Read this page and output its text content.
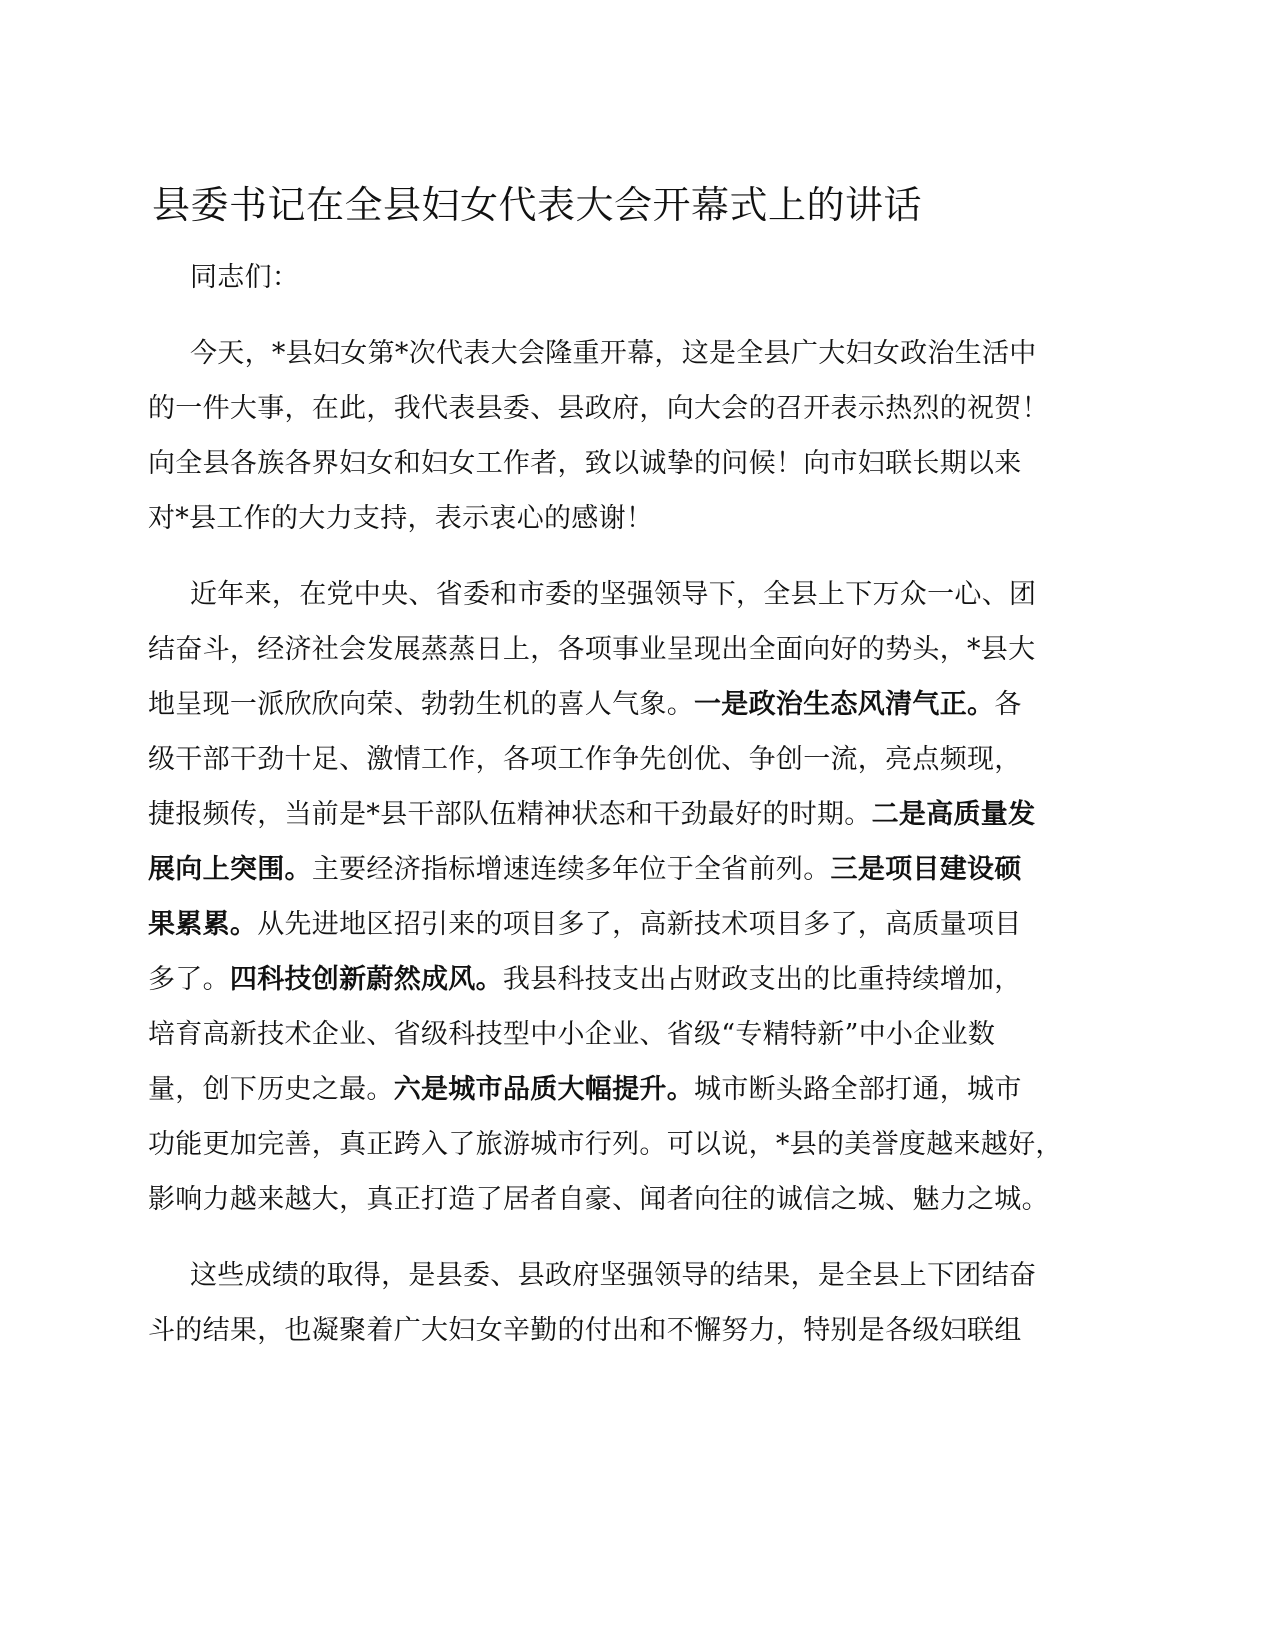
县委书记在全县妇女代表大会开幕式上的讲话
同志们：
今天，*县妇女第*次代表大会隆重开幕，这是全县广大妇女政治生活中
的一件大事，在此，我代表县委、县政府，向大会的召开表示热烈的祝贺！
向全县各族各界妇女和妇女工作者，致以诚挚的问候！向市妇联长期以来
对*县工作的大力支持，表示衷心的感谢！
近年来，在党中央、省委和市委的坚强领导下，全县上下万众一心、团
结奋斗，经济社会发展蒸蒸日上，各项事业呈现出全面向好的势头，*县大
地呈现一派欣欣向荣、勃勃生机的喜人气象。一是政治生态风清气正。各
级干部干劲十足、激情工作，各项工作争先创优、争创一流，亮点频现，
捷报频传，当前是*县干部队伍精神状态和干劲最好的时期。二是高质量发
展向上突围。主要经济指标增速连续多年位于全省前列。三是项目建设硕
果累累。从先进地区招引来的项目多了，高新技术项目多了，高质量项目
多了。四科技创新蔚然成风。我县科技支出占财政支出的比重持续增加，
培育高新技术企业、省级科技型中小企业、省级“专精特新”中小企业数
量，创下历史之最。六是城市品质大幅提升。城市断头路全部打通，城市
功能更加完善，真正跨入了旅游城市行列。可以说，*县的美誉度越来越好，
影响力越来越大，真正打造了居者自豪、闻者向往的诚信之城、魅力之城。
这些成绩的取得，是县委、县政府坚强领导的结果，是全县上下团结奋
斗的结果，也凝聚着广大妇女辛勤的付出和不懈努力，特别是各级妇联组
